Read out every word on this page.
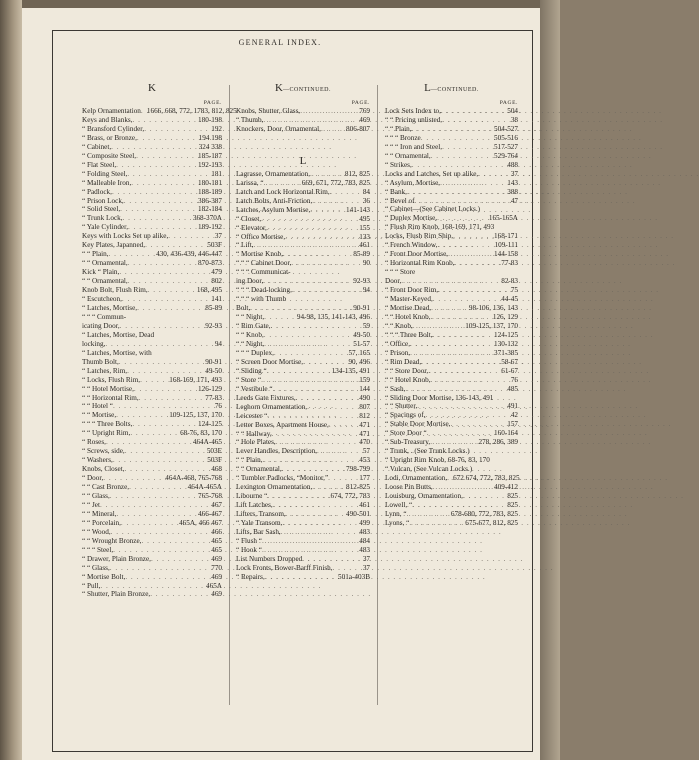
GENERAL INDEX.
K
PAGE.
Kelp Ornamentation . . . 1666, 668, 772, 1783, 812, 825
Keys and Blanks, . . .	180-198
“ Bransford Cylinder, . . .	192
“ Brass, or Bronze, . . .	194 198
“ Cabinet, . . .	324 338
“ Composite Steel, . . .	185-187
“ Flat Steel, . . .	192-193
“ Folding Steel, . . .	181
“ Malleable Iron, . . .	180-181
“ Padlock, . . .	188-189
“ Prison Lock, . . .	386-387
“ Solid Steel, . . .	182-184
“ Trunk Lock, . . .	368-370A
“ Yale Cylinder, . . .	189-192
Keys with Locks Set up alike, . . .	37
Key Plates, Japanned, . . .	503F
“ “ Plain, . . .	430, 436-439, 446-447
“ “ Ornamental, . . .	870-873
Kick “ Plain, . . .	479
“ “ Ornamental, . . .	802
Knob Bolt, Flush Rim, . . .	168, 495
“ Escutcheon, . . .	141
“ Latches, Mortise, . . .	85-89
“ “ “ Commun-
icating Door, . . .	92-93
“ Latches, Mortise, Dead
locking, . . .	94
“ Latches, Mortise, with
Thumb Bolt, . . .	90-91
“ Latches, Rim, . . .	49-50
“ Locks, Flush Rim, . . .	168-169, 171, 493
“ “ Hotel Mortise, . . .	126-129
“ “ Horizontal Rim, . . .	77-83
“ “ Hotel “ . . .	76
“ “ Mortise, . . .	109-125, 137, 170
“ “ “ Three Bolts, . . .	124-125
“ “ Upright Rim, . . .	68-76, 83, 170
“ Roses, . . .	464A-465
“ Screws, side, . . .	503E
“ Washers, . . .	503F
Knobs, Closet, . . .	468
“ Door, . . .	464A-468, 765-768
“ “ Cast Bronze, . . .	464A-465A
“ “ Glass, . . .	765-768
“ “ Jet . . .	467
“ “ Mineral, . . .	466-467
“ “ Porcelain, . . .	465A, 466 467
“ “ Wood, . . .	466
“ “ Wrought Bronze, . . .	465
“ “ “ Steel, . . .	465
“ Drawer, Plain Bronze, . . .	469
“ “ Glass, . . .	770
“ Mortise Bolt, . . .	469
“ Pull, . . .	465A
“ Shutter, Plain Bronze, . . .	469
K—CONTINUED.
PAGE.
Knobs, Shutter, Glass, . . .	769
“ Thumb, . . .	469
Knockers, Door, Ornamental, . . .	806-807
L
Lagrasse, Ornamentation, . . .	812, 825
Larissa, “ . . .	669, 671, 772, 783, 825
Latch and Lock Horizontal Rim, . . .	84
Latch Bolts, Anti-Friction, . . .	36
Latches, Asylum Mortise, . . .	141-143
“ Closet, . . .	495
“ Elevator, . . .	155
“ Office Mortise, . . .	133
“ Lift, . . .	461
“ Mortise Knob, . . .	85-89
“ “ “ Cabinet Door, . . .	90
“ “ “ Communicat-
ing Door, . . .	92-93
“ “ “ Dead-locking, . . .	94
“ “ “ with Thumb
Bolt, . . .	90-91
“ “ Night, . . .	94-98, 135, 141-143, 496
“ Rim Gate, . . .	59
“ “ Knob, . . .	49-50
“ “ Night, . . .	51-57
“ “ “ Duplex, . . .	57, 165
“ Screen Door Mortise, . . .	90, 496
“ Sliding “ . . .	134-135, 491
“ Store “ . . .	159
“ Vestibule “ . . .	144
Leeds Gate Fixtures, . . .	490
Leghorn Ornamentation, . . .	807
Leicester “ . . .	812
Letter Boxes, Apartment House, . . .	471
“ “ Hallway, . . .	471
“ Hole Plates, . . .	470
Lever Handles, Description, . . .	57
“ “ Plain, . . .	453
“ “ Ornamental, . . .	798-799
“ Tumbler Padlocks, “Monitor,” . . .	177
Lexington Ornamentation, . . .	812-825
Libourne “ . . .	674, 772, 783
Lift Latches, . . .	461
Lifters, Transom, . . .	490-501
“ Yale Transom, . . .	499
Lifts, Bar Sash, . . .	483
“ Flush “ . . .	484
“ Hook “ . . .	483
List Numbers Dropped . . .	37
Lock Fronts, Bower-Barff Finish, . . .	37
“ Repairs, . . .	501a-403B
L—CONTINUED.
PAGE.
Lock Sets Index to, . . .	504
“ “ Pricing unlisted, . . .	38
“ “ Plain, . . .	504-527
“ “ “ Bronze . . .	505-516
“ “ “ Iron and Steel, . . .	517-527
“ “ Ornamental, . . .	529-764
“ Strikes, . . .	488
Locks and Latches, Set up alike, . . .	37
“ Asylum, Mortise, . . .	143
“ Bank, . . .	388
“ Bevel of . . .	47
“ Cabinet—(See Cabinet Locks.)
“ Duplex Mortise, . . .	165-165A
“ Flush Rim Knob, 168-169, 171, 493
Locks, Flush Rim Ship, . . .	168-171
“ French Window, . . .	109-111
“ Front Door Mortise, . . .	144-158
“ Horizontal Rim Knob, . . .	77-83
“ “ “ Store
Door, . . .	82-83
“ Front Door Rim, . . .	75
“ Master-Keyed, . . .	44-45
“ Mortise Dead, . . .	98-106, 136, 143
“ “ Hotel Knob, . . .	126, 129
“ “ Knob, . . .	109-125, 137, 170
“ “ “ Three Bolt, . . .	124-125
“ Office, . . .	130-132
“ Prison, . . .	371-385
“ Rim Dead, . . .	58-67
“ “ Store Door, . . .	61-67
“ “ Hotel Knob, . . .	76
“ Sash, . . .	485
“ Sliding Door Mortise, 136-143, 491
“ “ Shutter, . . .	491
“ Spacings of, . . .	42
“ Stable Door Mortise, . . .	157
“ Store Door “ . . .	160-164
“ Sub-Treasury, . . .	278, 286, 389
“ Trunk, . (See Trunk Locks.)
“ Upright Rim Knob, 68-76, 83, 170
“ Vulcan, (See Vulcan Locks.)
Lodi, Ornamentation, . . . 672 674, 772, 783, 825
Loose Pin Butts, . . .	409-412
Louisburg, Ornamentation, . . .	825
Lowell, “ . . .	825
Lynn, “ . . .	678-680, 772, 783, 825
Lyons, “ . . .	675-677, 812, 825
